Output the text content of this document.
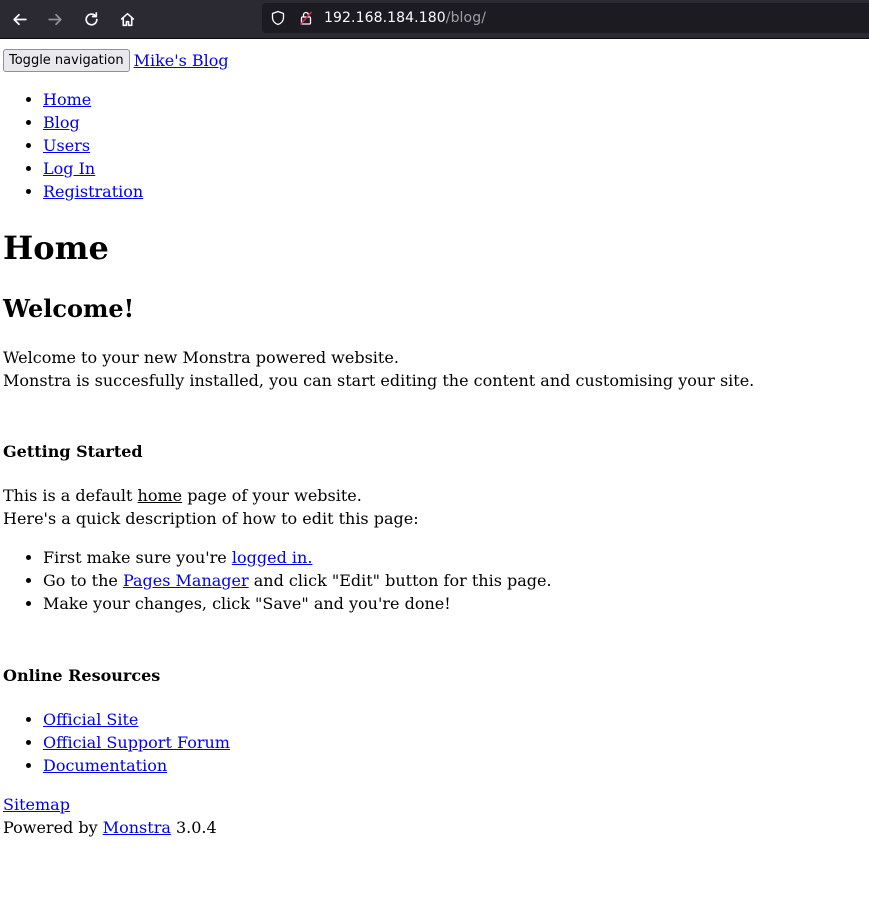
192.168.184.180/blog/
Toggle navigation Mike's Blog
• Home
• Blog
• Users
• Log In
• Registration
Home
Welcome!

Welcome to your new Monstra powered website.

Monstra is succesfully installed, you can start editing the content and customising your site.

Getting Started

This is a default home page of your website.

Here's a quick description of how to edit this page:

• First make sure you're logged in.
• Go to the Pages Manager and click "Edit" button for this page.
• Make your changes, click "Save" and you're done!
Online Resources
• Official Site
• Official Support Forum
• Documentation

Sitemap

Powered by Monstra 3.0.4
